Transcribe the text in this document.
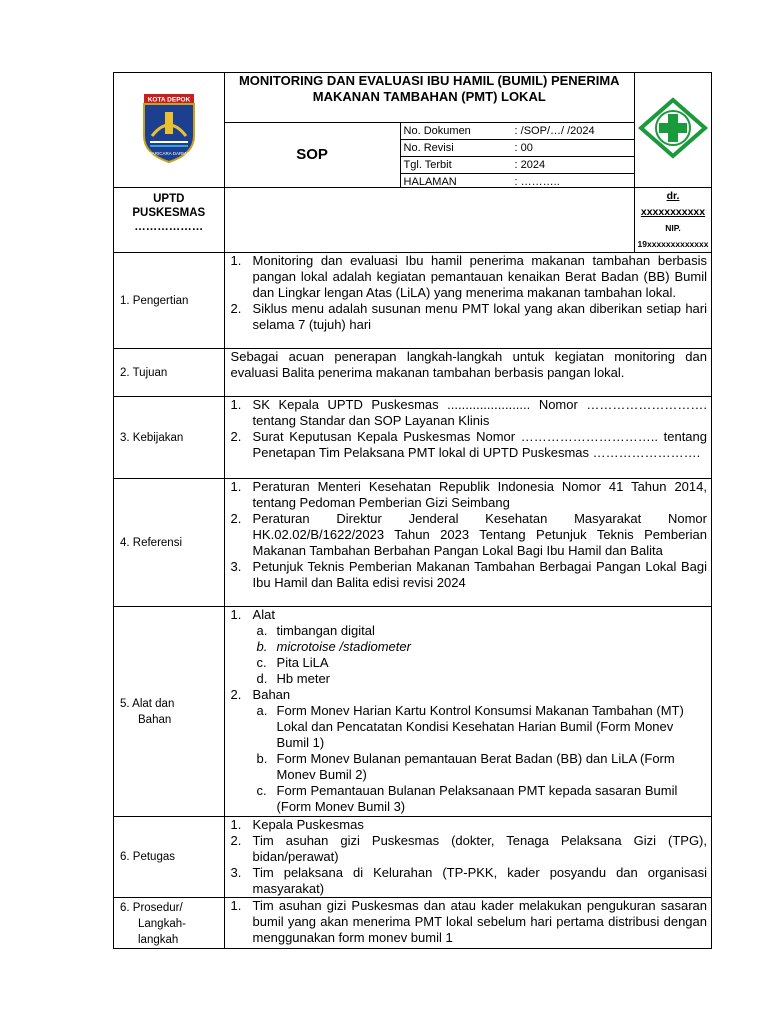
KOTA DEPOK
PARICARA DARMA

MONITORING DAN EVALUASI IBU HAMIL (BUMIL) PENERIMA MAKANAN TAMBAHAN (PMT) LOKAL
SOP
No. Dokumen	: /SOP/…/ /2024
No. Revisi	: 00
Tgl. Terbit	: 2024
HALAMAN	: ………..

UPTD
PUSKESMAS
………………

dr. xxxxxxxxxxx
NIP. 19xxxxxxxxxxxxx

1. Pengertian	
Monitoring dan evaluasi Ibu hamil penerima makanan tambahan berbasis pangan lokal adalah kegiatan pemantauan kenaikan Berat Badan (BB) Bumil dan Lingkar lengan Atas (LiLA) yang menerima makanan tambahan lokal.
Siklus menu adalah susunan menu PMT lokal yang akan diberikan setiap hari selama 7 (tujuh) hari

2. Tujuan	Sebagai acuan penerapan langkah-langkah untuk kegiatan monitoring dan evaluasi Balita penerima makanan tambahan berbasis pangan lokal.
3. Kebijakan	
SK Kepala UPTD Puskesmas ....................... Nomor ………………………. tentang Standar dan SOP Layanan Klinis
Surat Keputusan Kepala Puskesmas Nomor ………………………….. tentang Penetapan Tim Pelaksana PMT lokal di UPTD Puskesmas …………………….

4. Referensi	
Peraturan Menteri Kesehatan Republik Indonesia Nomor 41 Tahun 2014, tentang Pedoman Pemberian Gizi Seimbang
Peraturan Direktur Jenderal Kesehatan Masyarakat Nomor HK.02.02/B/1622/2023 Tahun 2023 Tentang Petunjuk Teknis Pemberian Makanan Tambahan Berbahan Pangan Lokal Bagi Ibu Hamil dan Balita
Petunjuk Teknis Pemberian Makanan Tambahan Berbagai Pangan Lokal Bagi Ibu Hamil dan Balita edisi revisi 2024

5. Alat dan
Bahan

Alat
timbangan digital
microtoise /stadiometer
Pita LiLA
Hb meter
Bahan
Form Monev Harian Kartu Kontrol Konsumsi Makanan Tambahan (MT) Lokal dan Pencatatan Kondisi Kesehatan Harian Bumil (Form Monev Bumil 1)
Form Monev Bulanan pemantauan Berat Badan (BB) dan LiLA (Form Monev Bumil 2)
Form Pemantauan Bulanan Pelaksanaan PMT kepada sasaran Bumil (Form Monev Bumil 3)

6. Petugas	
Kepala Puskesmas
Tim asuhan gizi Puskesmas (dokter, Tenaga Pelaksana Gizi (TPG), bidan/perawat)
Tim pelaksana di Kelurahan (TP-PKK, kader posyandu dan organisasi masyarakat)

6. Prosedur/
Langkah-
langkah

Tim asuhan gizi Puskesmas dan atau kader melakukan pengukuran sasaran bumil yang akan menerima PMT lokal sebelum hari pertama distribusi dengan menggunakan form monev bumil 1
